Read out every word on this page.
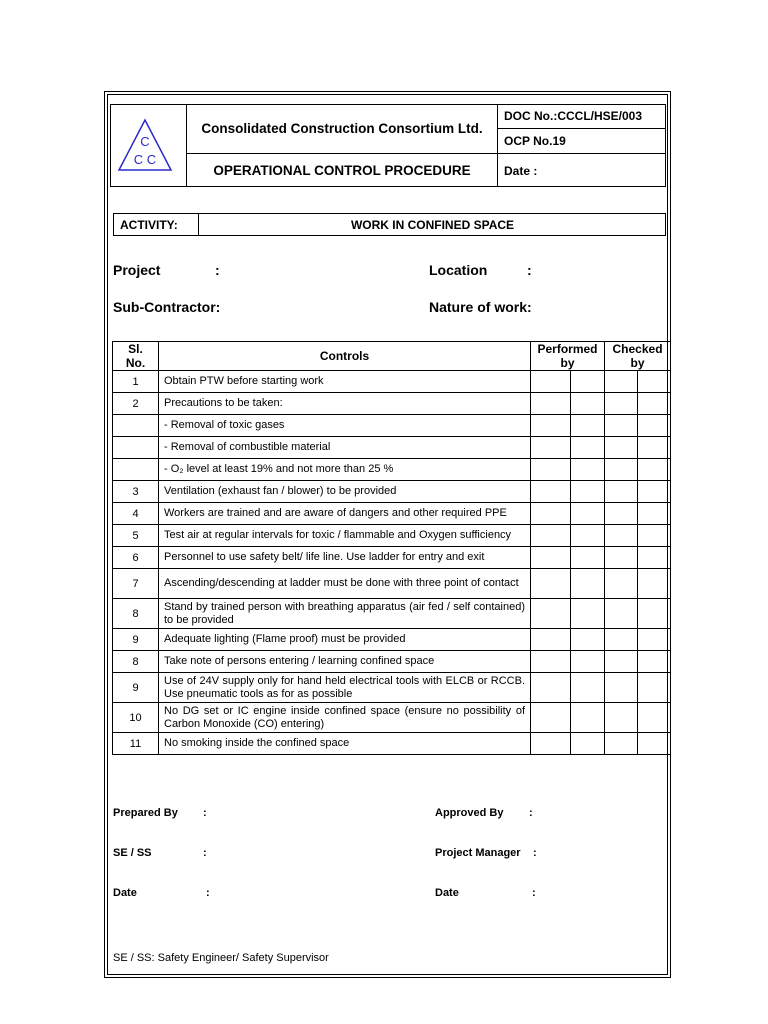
C
C C
Consolidated Construction Consortium Ltd.
OPERATIONAL CONTROL PROCEDURE
DOC No.:CCCL/HSE/003
OCP No.19
Date :
ACTIVITY:	WORK IN CONFINED SPACE
Project	:	Location	:
Sub-Contractor:	Nature of work:
Sl. No.	Controls	Performed by		Checked by	
1	Obtain PTW before starting work				
2	Precautions to be taken:				
	- Removal of toxic gases				
	- Removal of combustible material				
	- O₂ level at least 19% and not more than 25 %				
3	Ventilation (exhaust fan / blower) to be provided				
4	Workers are trained and are aware of dangers and other required PPE				
5	Test air at regular intervals for toxic / flammable and Oxygen sufficiency				
6	Personnel to use safety belt/ life line. Use ladder for entry and exit				
7	Ascending/descending at ladder must be done with three point of contact				
8	Stand by trained person with breathing apparatus (air fed / self contained) to be provided				
9	Adequate lighting (Flame proof) must be provided				
8	Take note of persons entering / learning confined space				
9	Use of 24V supply only for hand held electrical tools with ELCB or RCCB. Use pneumatic tools as for as possible				
10	No DG set or IC engine inside confined space (ensure no possibility of Carbon Monoxide (CO) entering)				
11	No smoking inside the confined space				
Prepared By :	Approved By :
SE / SS	:	Project Manager :
Date	:	Date	:
SE / SS: Safety Engineer/ Safety Supervisor
